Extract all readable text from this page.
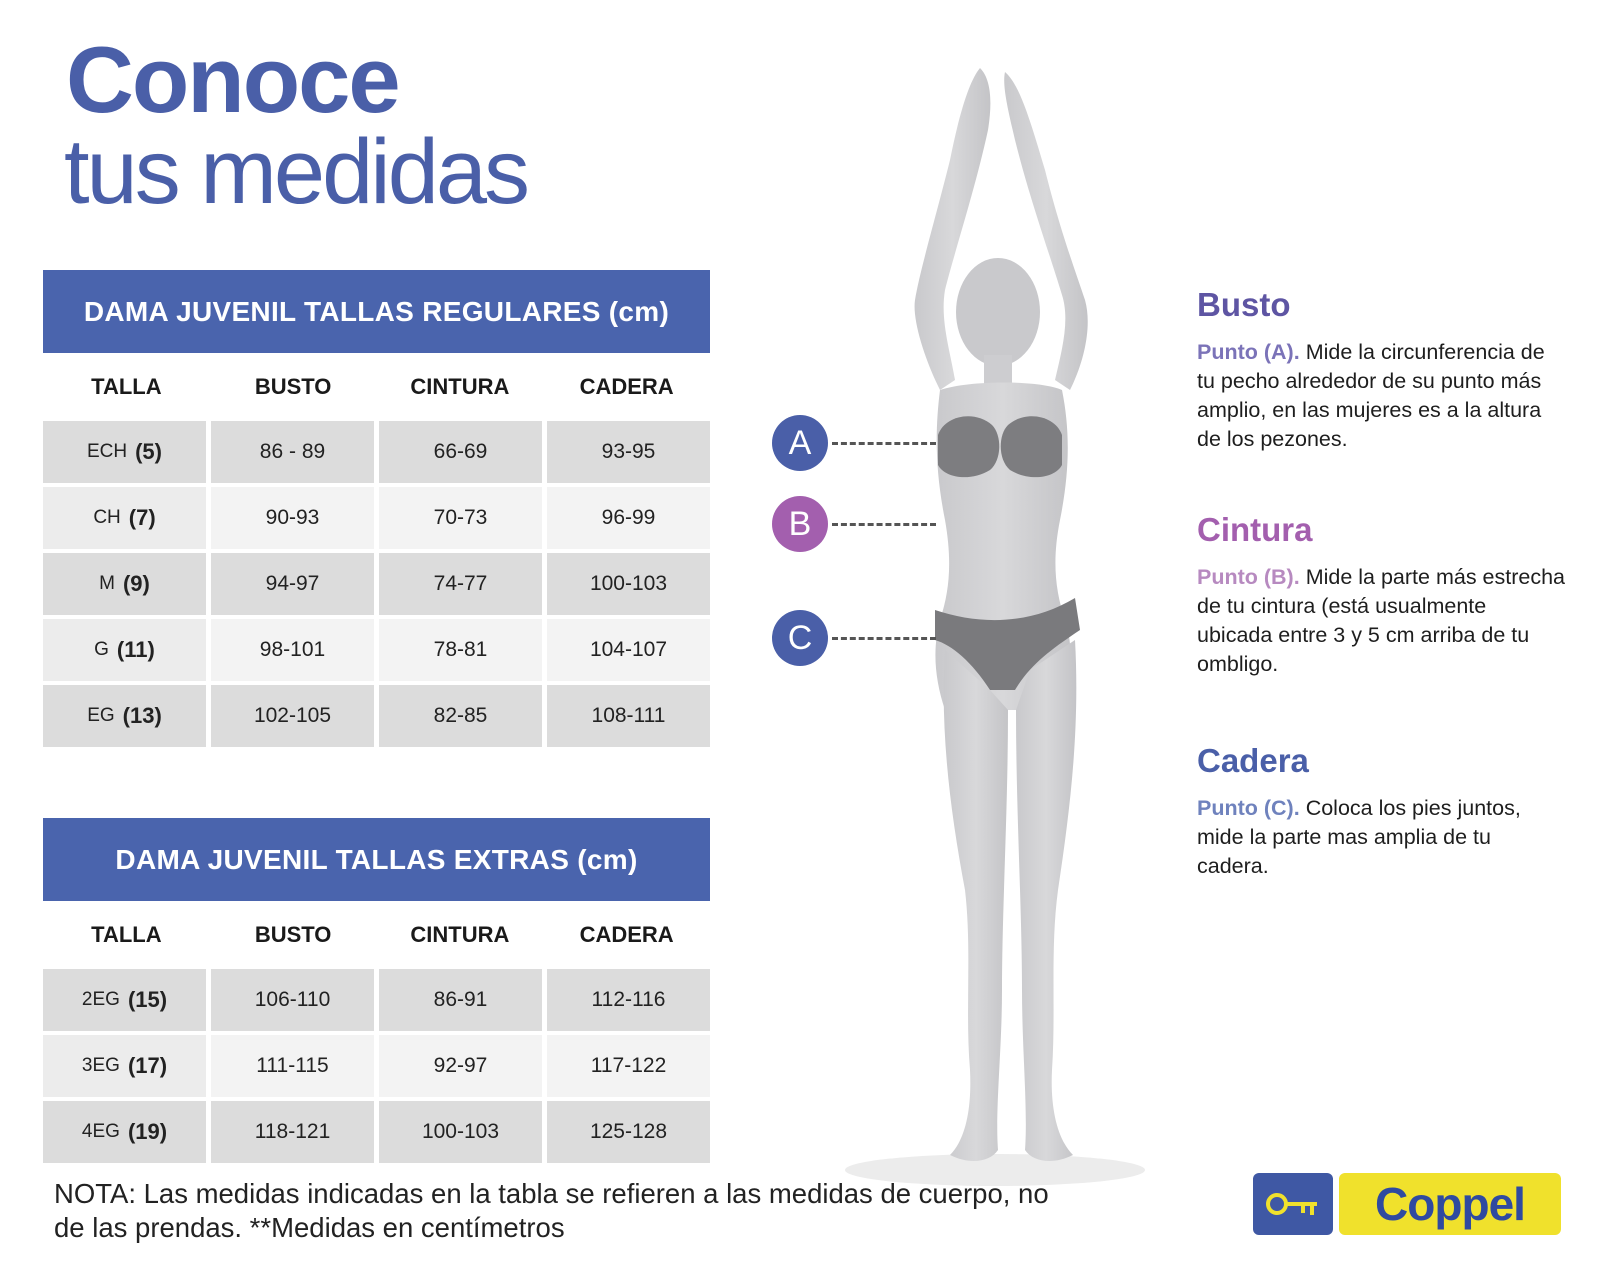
Conoce
tus medidas
DAMA JUVENIL TALLAS REGULARES (cm)
TALLA	BUSTO	CINTURA	CADERA
ECH (5)	86 - 89	66-69	93-95
CH (7)	90-93	70-73	96-99
M (9)	94-97	74-77	100-103
G (11)	98-101	78-81	104-107
EG (13)	102-105	82-85	108-111
DAMA JUVENIL TALLAS EXTRAS (cm)
TALLA	BUSTO	CINTURA	CADERA
2EG (15)	106-110	86-91	112-116
3EG (17)	111-115	92-97	117-122
4EG (19)	118-121	100-103	125-128
A
B
C
Busto

Punto (A). Mide la circunferencia de tu pecho alrededor de su punto más amplio, en las mujeres es a la altura de los pezones.

Cintura

Punto (B). Mide la parte más estrecha de tu cintura (está usualmente ubicada entre 3 y 5 cm arriba de tu ombligo.

Cadera

Punto (C). Coloca los pies juntos, mide la parte mas amplia de tu cadera.

NOTA: Las medidas indicadas en la tabla se refieren a las medidas de cuerpo, no de las prendas. **Medidas en centímetros	Coppel
